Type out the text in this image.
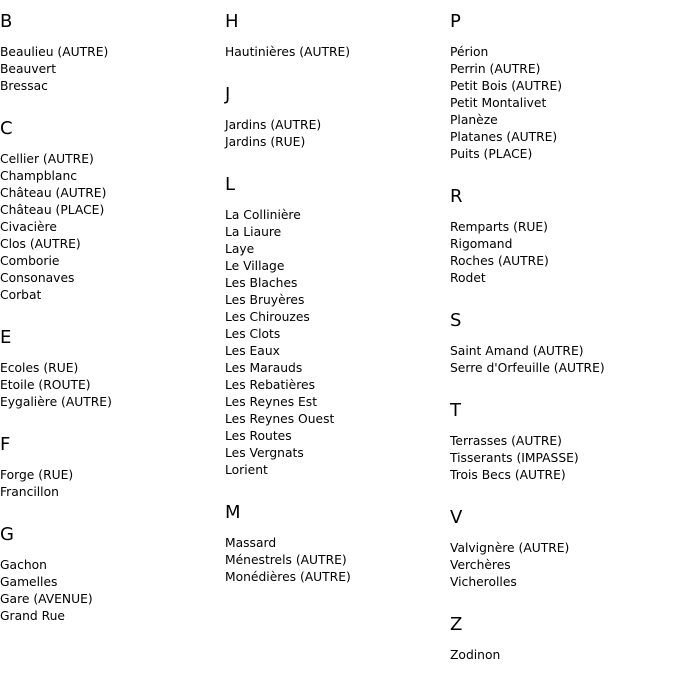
B
Beaulieu (AUTRE)
Beauvert
Bressac
C
Cellier (AUTRE)
Champblanc
Château (AUTRE)
Château (PLACE)
Civacière
Clos (AUTRE)
Comborie
Consonaves
Corbat
E
Ecoles (RUE)
Etoile (ROUTE)
Eygalière (AUTRE)
F
Forge (RUE)
Francillon
G
Gachon
Gamelles
Gare (AVENUE)
Grand Rue
H
Hautinières (AUTRE)
J
Jardins (AUTRE)
Jardins (RUE)
L
La Collinière
La Liaure
Laye
Le Village
Les Blaches
Les Bruyères
Les Chirouzes
Les Clots
Les Eaux
Les Marauds
Les Rebatières
Les Reynes Est
Les Reynes Ouest
Les Routes
Les Vergnats
Lorient
M
Massard
Ménestrels (AUTRE)
Monédières (AUTRE)
P
Périon
Perrin (AUTRE)
Petit Bois (AUTRE)
Petit Montalivet
Planèze
Platanes (AUTRE)
Puits (PLACE)
R
Remparts (RUE)
Rigomand
Roches (AUTRE)
Rodet
S
Saint Amand (AUTRE)
Serre d'Orfeuille (AUTRE)
T
Terrasses (AUTRE)
Tisserants (IMPASSE)
Trois Becs (AUTRE)
V
Valvignère (AUTRE)
Verchères
Vicherolles
Z
Zodinon
